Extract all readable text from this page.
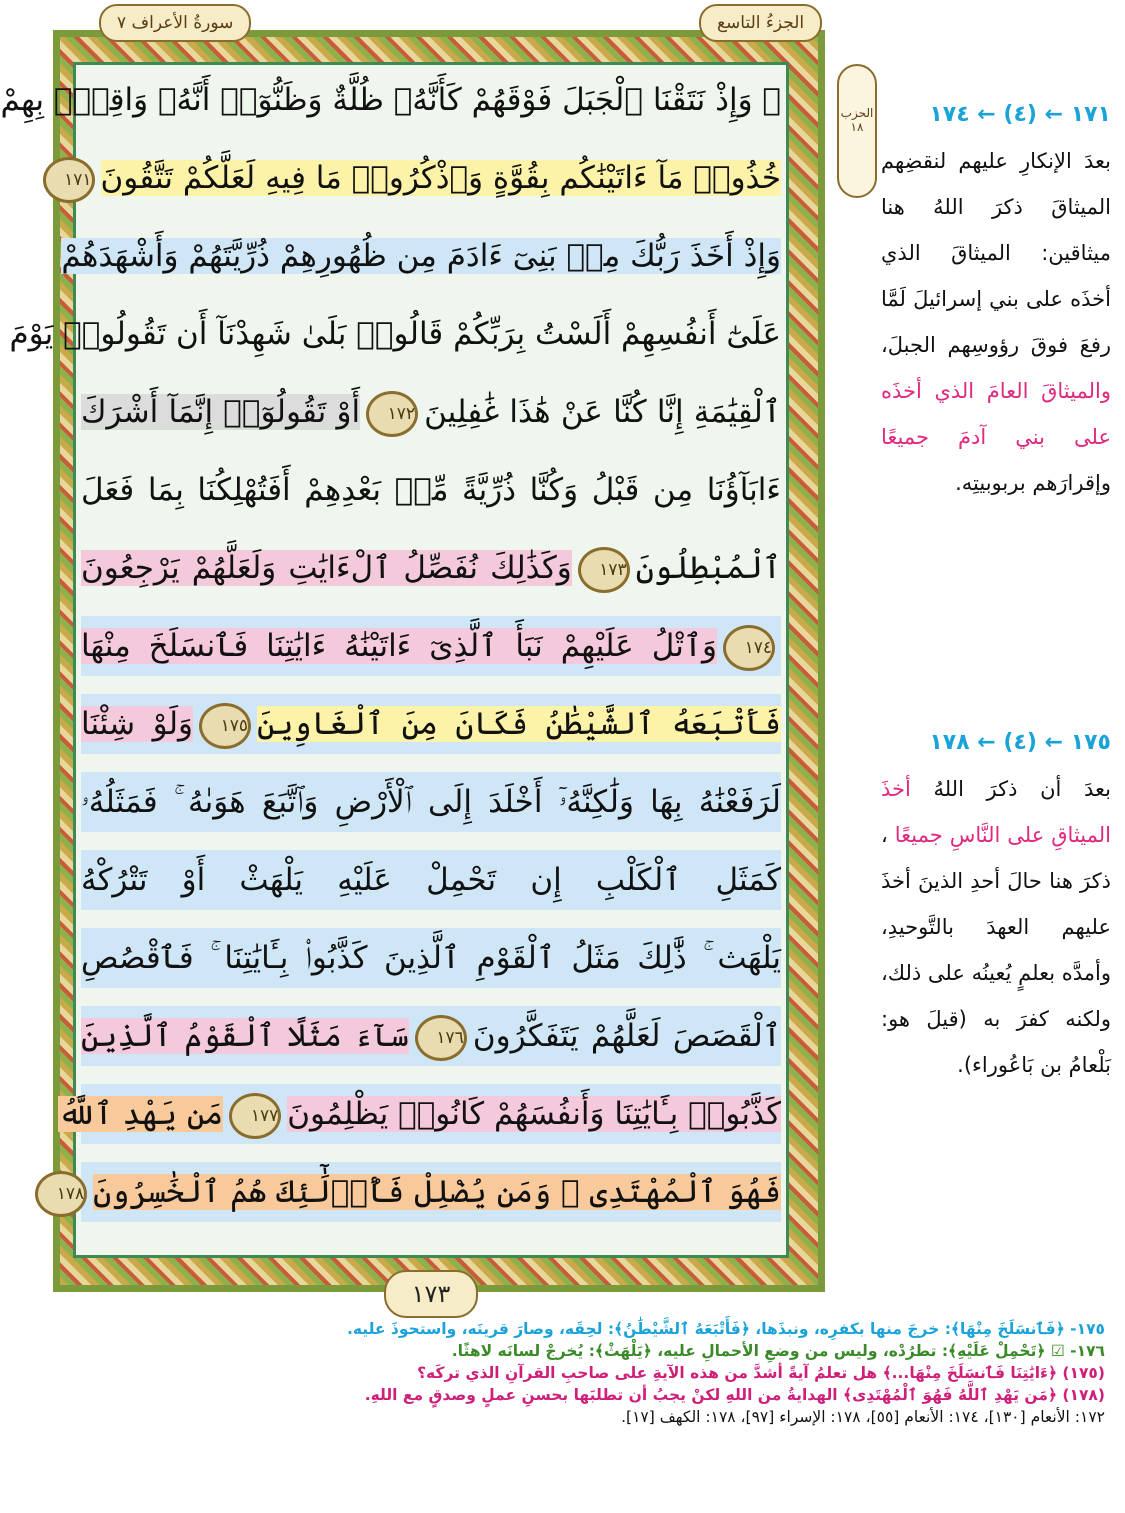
الجزءُ التاسع
سورةُ الأعراف ٧
الحزب ١٨
۞ وَإِذْ نَتَقْنَا ٱلْجَبَلَ فَوْقَهُمْ كَأَنَّهُۥ ظُلَّةٌ وَظَنُّوٓا۟ أَنَّهُۥ وَاقِعٌۢ بِهِمْ
خُذُوا۟ مَآ ءَاتَيْنَٰكُم بِقُوَّةٍ وَٱذْكُرُوا۟ مَا فِيهِ لَعَلَّكُمْ تَتَّقُونَ١٧١
وَإِذْ أَخَذَ رَبُّكَ مِنۢ بَنِىٓ ءَادَمَ مِن ظُهُورِهِمْ ذُرِّيَّتَهُمْ وَأَشْهَدَهُمْ
عَلَىٰٓ أَنفُسِهِمْ أَلَسْتُ بِرَبِّكُمْ قَالُوا۟ بَلَىٰ شَهِدْنَآ أَن تَقُولُوا۟ يَوْمَ
ٱلْقِيَٰمَةِ إِنَّا كُنَّا عَنْ هَٰذَا غَٰفِلِينَ١٧٢أَوْ تَقُولُوٓا۟ إِنَّمَآ أَشْرَكَ
ءَابَآؤُنَا مِن قَبْلُ وَكُنَّا ذُرِّيَّةً مِّنۢ بَعْدِهِمْ أَفَتُهْلِكُنَا بِمَا فَعَلَ
ٱلْمُبْطِلُونَ١٧٣وَكَذَٰلِكَ نُفَصِّلُ ٱلْءَايَٰتِ وَلَعَلَّهُمْ يَرْجِعُونَ
١٧٤وَٱتْلُ عَلَيْهِمْ نَبَأَ ٱلَّذِىٓ ءَاتَيْنَٰهُ ءَايَٰتِنَا فَٱنسَلَخَ مِنْهَا
فَأَتْبَعَهُ ٱلشَّيْطَٰنُ فَكَانَ مِنَ ٱلْغَاوِينَ١٧٥وَلَوْ شِئْنَا
لَرَفَعْنَٰهُ بِهَا وَلَٰكِنَّهُۥٓ أَخْلَدَ إِلَى ٱلْأَرْضِ وَٱتَّبَعَ هَوَىٰهُ ۚ فَمَثَلُهُۥ
كَمَثَلِ ٱلْكَلْبِ إِن تَحْمِلْ عَلَيْهِ يَلْهَثْ أَوْ تَتْرُكْهُ
يَلْهَث ۚ ذَّٰلِكَ مَثَلُ ٱلْقَوْمِ ٱلَّذِينَ كَذَّبُوا۟ بِـَٔايَٰتِنَا ۚ فَٱقْصُصِ
ٱلْقَصَصَ لَعَلَّهُمْ يَتَفَكَّرُونَ١٧٦سَآءَ مَثَلًا ٱلْقَوْمُ ٱلَّذِينَ
كَذَّبُوا۟ بِـَٔايَٰتِنَا وَأَنفُسَهُمْ كَانُوا۟ يَظْلِمُونَ١٧٧مَن يَهْدِ ٱللَّهُ
فَهُوَ ٱلْمُهْتَدِى ۖ وَمَن يُضْلِلْ فَأُو۟لَٰٓئِكَ هُمُ ٱلْخَٰسِرُونَ١٧٨
١٧٣
١٧١ ← (٤) ← ١٧٤
بعدَ الإنكارِ عليهم لنقضِهم الميثاقَ ذكرَ اللهُ هنا ميثاقين: الميثاقَ الذي أخذَه على بني إسرائيلَ لَمَّا رفعَ فوقَ رؤوسِهم الجبلَ، والميثاقَ العامَ الذي أخذَه على بني آدمَ جميعًا وإقرارَهم بربوبيتِه.
١٧٥ ← (٤) ← ١٧٨
بعدَ أن ذكرَ اللهُ أخذَ الميثاقِ على النَّاسِ جميعًا ، ذكرَ هنا حالَ أحدِ الذينَ أخذَ عليهم العهدَ بالتَّوحيدِ، وأمدَّه بعلمٍ يُعينُه على ذلك، ولكنه كفرَ به (قيلَ هو: بَلْعامُ بن بَاعُوراء).
١٧٥- ﴿فَٱنسَلَخَ مِنْهَا﴾: خرجَ منها بكفرِه، ونبذَها، ﴿فَأَتْبَعَهُ ٱلشَّيْطَٰنُ﴾: لحِقَه، وصارَ قرينَه، واستحوذَ عليه.
١٧٦- ☑ ﴿تَحْمِلْ عَلَيْهِ﴾: تطرُدْه، وليس من وضعِ الأحمالِ عليه، ﴿يَلْهَثْ﴾: يُخرجْ لسانَه لاهثًا.
(١٧٥) ﴿ءَايَٰتِنَا فَٱنسَلَخَ مِنْهَا...﴾ هل تعلمُ آيةً أشدَّ من هذه الآيةِ على صاحبِ القرآنِ الذي تركَه؟
(١٧٨) ﴿مَن يَهْدِ ٱللَّهُ فَهُوَ ٱلْمُهْتَدِى﴾ الهدايةُ من اللهِ لكنْ يجبُ أن تطلبَها بحسنِ عملٍ وصدقٍ مع اللهِ.
١٧٢: الأنعام [١٣٠]، ١٧٤: الأنعام [٥٥]، ١٧٨: الإسراء [٩٧]، ١٧٨: الكهف [١٧].
